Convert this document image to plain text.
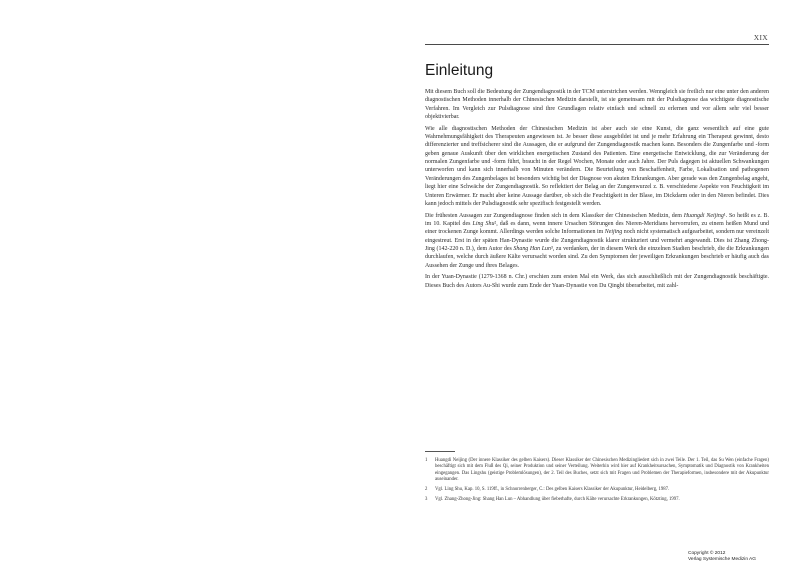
XIX
Einleitung

Mit diesem Buch soll die Bedeutung der Zungendiagnostik in der TCM unterstrichen werden. Wenngleich sie freilich nur eine unter den anderen diagnostischen Methoden innerhalb der Chinesischen Medizin darstellt, ist sie gemeinsam mit der Pulsdiagnose das wichtigste diagnostische Verfahren. Im Vergleich zur Pulsdiagnose sind ihre Grundlagen relativ einfach und schnell zu erlernen und vor allem sehr viel besser objektivierbar.

Wie alle diagnostischen Methoden der Chinesischen Medizin ist aber auch sie eine Kunst, die ganz wesentlich auf eine gute Wahrnehmungsfähigkeit des Therapeuten angewiesen ist. Je besser diese ausgebildet ist und je mehr Erfahrung ein Therapeut gewinnt, desto differenzierter und treffsicherer sind die Aussagen, die er aufgrund der Zungendiagnostik machen kann. Besonders die Zungenfarbe und -form geben genaue Auskunft über den wirklichen energetischen Zustand des Patienten. Eine energetische Entwicklung, die zur Veränderung der normalen Zungenfarbe und -form führt, braucht in der Regel Wochen, Monate oder auch Jahre. Der Puls dagegen ist aktuellen Schwankungen unterworfen und kann sich innerhalb von Minuten verändern. Die Beurteilung von Beschaffenheit, Farbe, Lokalisation und pathogenen Veränderungen des Zungenbelages ist besonders wichtig bei der Diagnose von akuten Erkrankungen. Aber gerade was den Zungenbelag angeht, liegt hier eine Schwäche der Zungendiagnostik. So reflektiert der Belag an der Zungenwurzel z. B. verschiedene Aspekte von Feuchtigkeit im Unteren Erwärmer. Er macht aber keine Aussage darüber, ob sich die Feuchtigkeit in der Blase, im Dickdarm oder in den Nieren befindet. Dies kann jedoch mittels der Pulsdiagnostik sehr spezifisch festgestellt werden.

Die frühesten Aussagen zur Zungendiagnose finden sich in dem Klassiker der Chinesischen Medizin, dem Huangdi Neijing¹. So heißt es z. B. im 10. Kapitel des Ling Shu², daß es dann, wenn innere Ursachen Störungen des Nieren-Meridians hervorrufen, zu einem heißen Mund und einer trockenen Zunge kommt. Allerdings werden solche Informationen im Neijing noch nicht systematisch aufgearbeitet, sondern nur vereinzelt eingestreut. Erst in der späten Han-Dynastie wurde die Zungendiagnostik klarer strukturiert und vermehrt angewandt. Dies ist Zhang Zhong-Jing (142-220 n. D.), dem Autor des Shang Han Lun³, zu verdanken, der in diesem Werk die einzelnen Stadien beschrieb, die die Erkrankungen durchlaufen, welche durch äußere Kälte verursacht worden sind. Zu den Symptomen der jeweiligen Erkrankungen beschrieb er häufig auch das Aussehen der Zunge und ihres Belages.

In der Yuan-Dynastie (1279-1368 n. Chr.) erschien zum ersten Mal ein Werk, das sich ausschließlich mit der Zungendiagnostik beschäftigte. Dieses Buch des Autors Au-Shi wurde zum Ende der Yuan-Dynastie von Du Qingbi überarbeitet, mit zahl-

1	Huangdi Neijing (Der innere Klassiker des gelben Kaisers). Dieser Klassiker der Chinesischen Medizingliedert sich in zwei Teile. Der 1. Teil, das Su Wen (einfache Fragen) beschäftigt sich mit dem Fluß des Qi, seiner Produktion und seiner Verteilung. Weiterhin wird hier auf Krankheitsursachen, Symptomatik und Diagnostik von Krankheiten eingegangen. Das Lingshu (geistige Problemlösungen), der 2. Teil des Buches, setzt sich mit Fragen und Problemen der Therapieformen, insbesondere mit der Akupunktur auseinander.
2	Vgl. Ling Shu, Kap. 10, S. 119ff., in Schnorrenberger, C.: Des gelben Kaisers Klassiker der Akupunktur, Heidelberg, 1987.
3	Vgl. Zhang-Zhong-Jing: Shang Han Lun – Abhandlung über fieberhafte, durch Kälte verursachte Erkrankungen, Kötzting, 1997.
Copyright © 2012
Verlag Systemische Medizin AG
